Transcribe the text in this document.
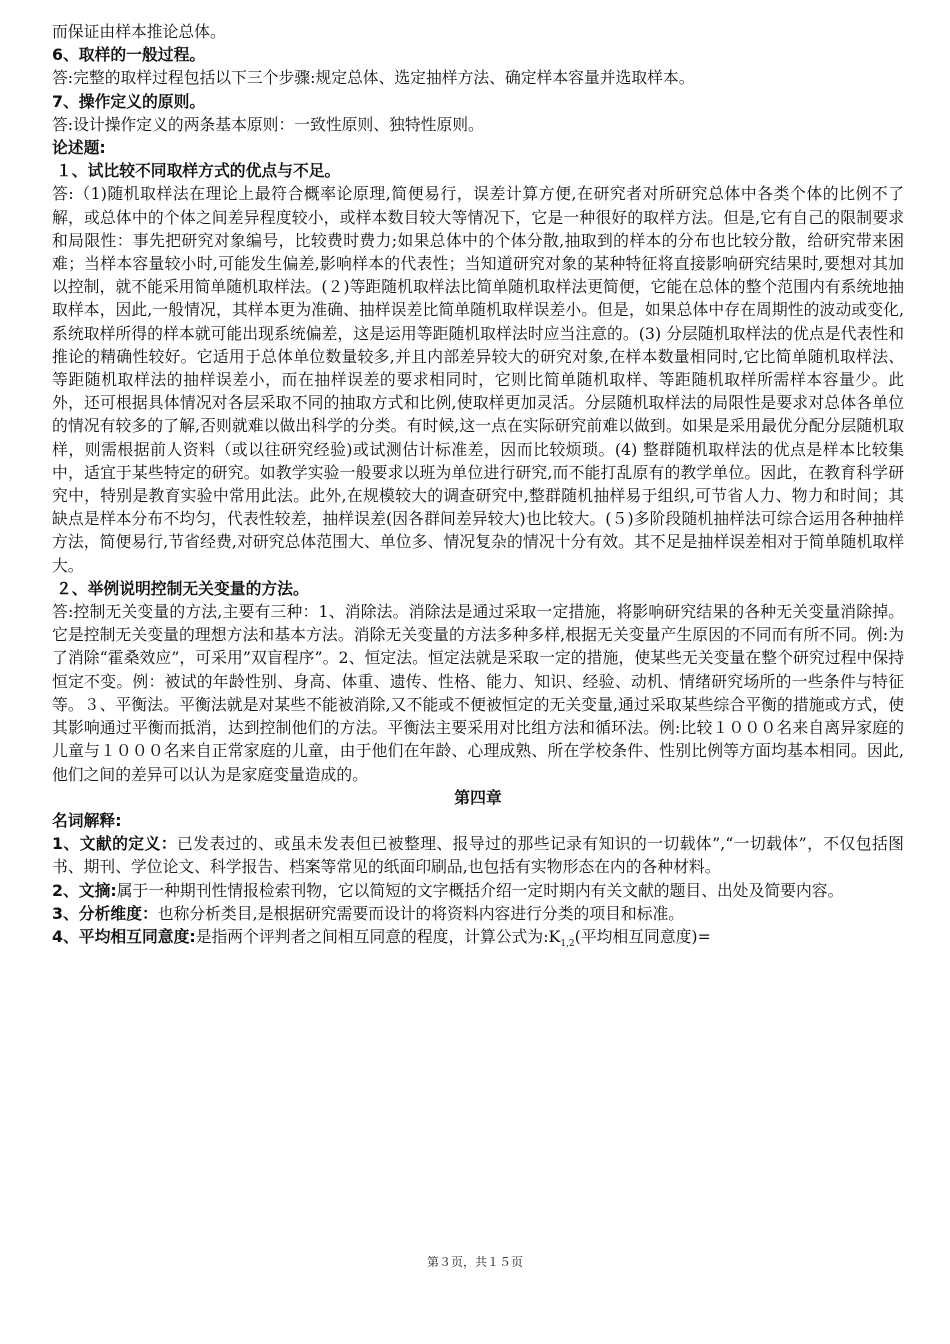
而保证由样本推论总体。

6、取样的一般过程。

答:完整的取样过程包括以下三个步骤:规定总体、选定抽样方法、确定样本容量并选取样本。

7、操作定义的原则。

答:设计操作定义的两条基本原则：一致性原则、独特性原则。

论述题:

１、试比较不同取样方式的优点与不足。

答:（1)随机取样法在理论上最符合概率论原理,简便易行，误差计算方便,在研究者对所研究总体中各类个体的比例不了解，或总体中的个体之间差异程度较小，或样本数目较大等情况下，它是一种很好的取样方法。但是,它有自己的限制要求和局限性：事先把研究对象编号，比较费时费力;如果总体中的个体分散,抽取到的样本的分布也比较分散，给研究带来困难；当样本容量较小时,可能发生偏差,影响样本的代表性；当知道研究对象的某种特征将直接影响研究结果时,要想对其加以控制，就不能采用简单随机取样法。(２)等距随机取样法比简单随机取样法更简便，它能在总体的整个范围内有系统地抽取样本，因此,一般情况，其样本更为准确、抽样误差比简单随机取样误差小。但是，如果总体中存在周期性的波动或变化,系统取样所得的样本就可能出现系统偏差，这是运用等距随机取样法时应当注意的。(3) 分层随机取样法的优点是代表性和推论的精确性较好。它适用于总体单位数量较多,并且内部差异较大的研究对象,在样本数量相同时,它比简单随机取样法、等距随机取样法的抽样误差小，而在抽样误差的要求相同时，它则比简单随机取样、等距随机取样所需样本容量少。此外，还可根据具体情况对各层采取不同的抽取方式和比例,使取样更加灵活。分层随机取样法的局限性是要求对总体各单位的情况有较多的了解,否则就难以做出科学的分类。有时候,这一点在实际研究前难以做到。如果是采用最优分配分层随机取样，则需根据前人资料（或以往研究经验)或试测估计标准差，因而比较烦琐。(4) 整群随机取样法的优点是样本比较集中，适宜于某些特定的研究。如教学实验一般要求以班为单位进行研究,而不能打乱原有的教学单位。因此，在教育科学研究中，特别是教育实验中常用此法。此外,在规模较大的调查研究中,整群随机抽样易于组织,可节省人力、物力和时间；其缺点是样本分布不均匀，代表性较差，抽样误差(因各群间差异较大)也比较大。(５)多阶段随机抽样法可综合运用各种抽样方法，简便易行,节省经费,对研究总体范围大、单位多、情况复杂的情况十分有效。其不足是抽样误差相对于简单随机取样大。

２、举例说明控制无关变量的方法。

答:控制无关变量的方法,主要有三种：1、消除法。消除法是通过采取一定措施，将影响研究结果的各种无关变量消除掉。它是控制无关变量的理想方法和基本方法。消除无关变量的方法多种多样,根据无关变量产生原因的不同而有所不同。例:为了消除“霍桑效应”，可采用”双盲程序”。2、恒定法。恒定法就是采取一定的措施，使某些无关变量在整个研究过程中保持恒定不变。例：被试的年龄性别、身高、体重、遗传、性格、能力、知识、经验、动机、情绪研究场所的一些条件与特征等。３、平衡法。平衡法就是对某些不能被消除,又不能或不便被恒定的无关变量,通过采取某些综合平衡的措施或方式，使其影响通过平衡而抵消，达到控制他们的方法。平衡法主要采用对比组方法和循环法。例:比较１０００名来自离异家庭的儿童与１０００名来自正常家庭的儿童，由于他们在年龄、心理成熟、所在学校条件、性别比例等方面均基本相同。因此,他们之间的差异可以认为是家庭变量造成的。

第四章

名词解释:

1、文献的定义：已发表过的、或虽未发表但已被整理、报导过的那些记录有知识的一切载体”,“一切载体”，不仅包括图书、期刊、学位论文、科学报告、档案等常见的纸面印刷品,也包括有实物形态在内的各种材料。

2、文摘:属于一种期刊性情报检索刊物，它以简短的文字概括介绍一定时期内有关文献的题目、出处及简要内容。

3、分析维度：也称分析类目,是根据研究需要而设计的将资料内容进行分类的项目和标准。

4、平均相互同意度:是指两个评判者之间相互同意的程度，计算公式为$:K_{1,2}$(平均相互同意度)=

第３页，共１５页
